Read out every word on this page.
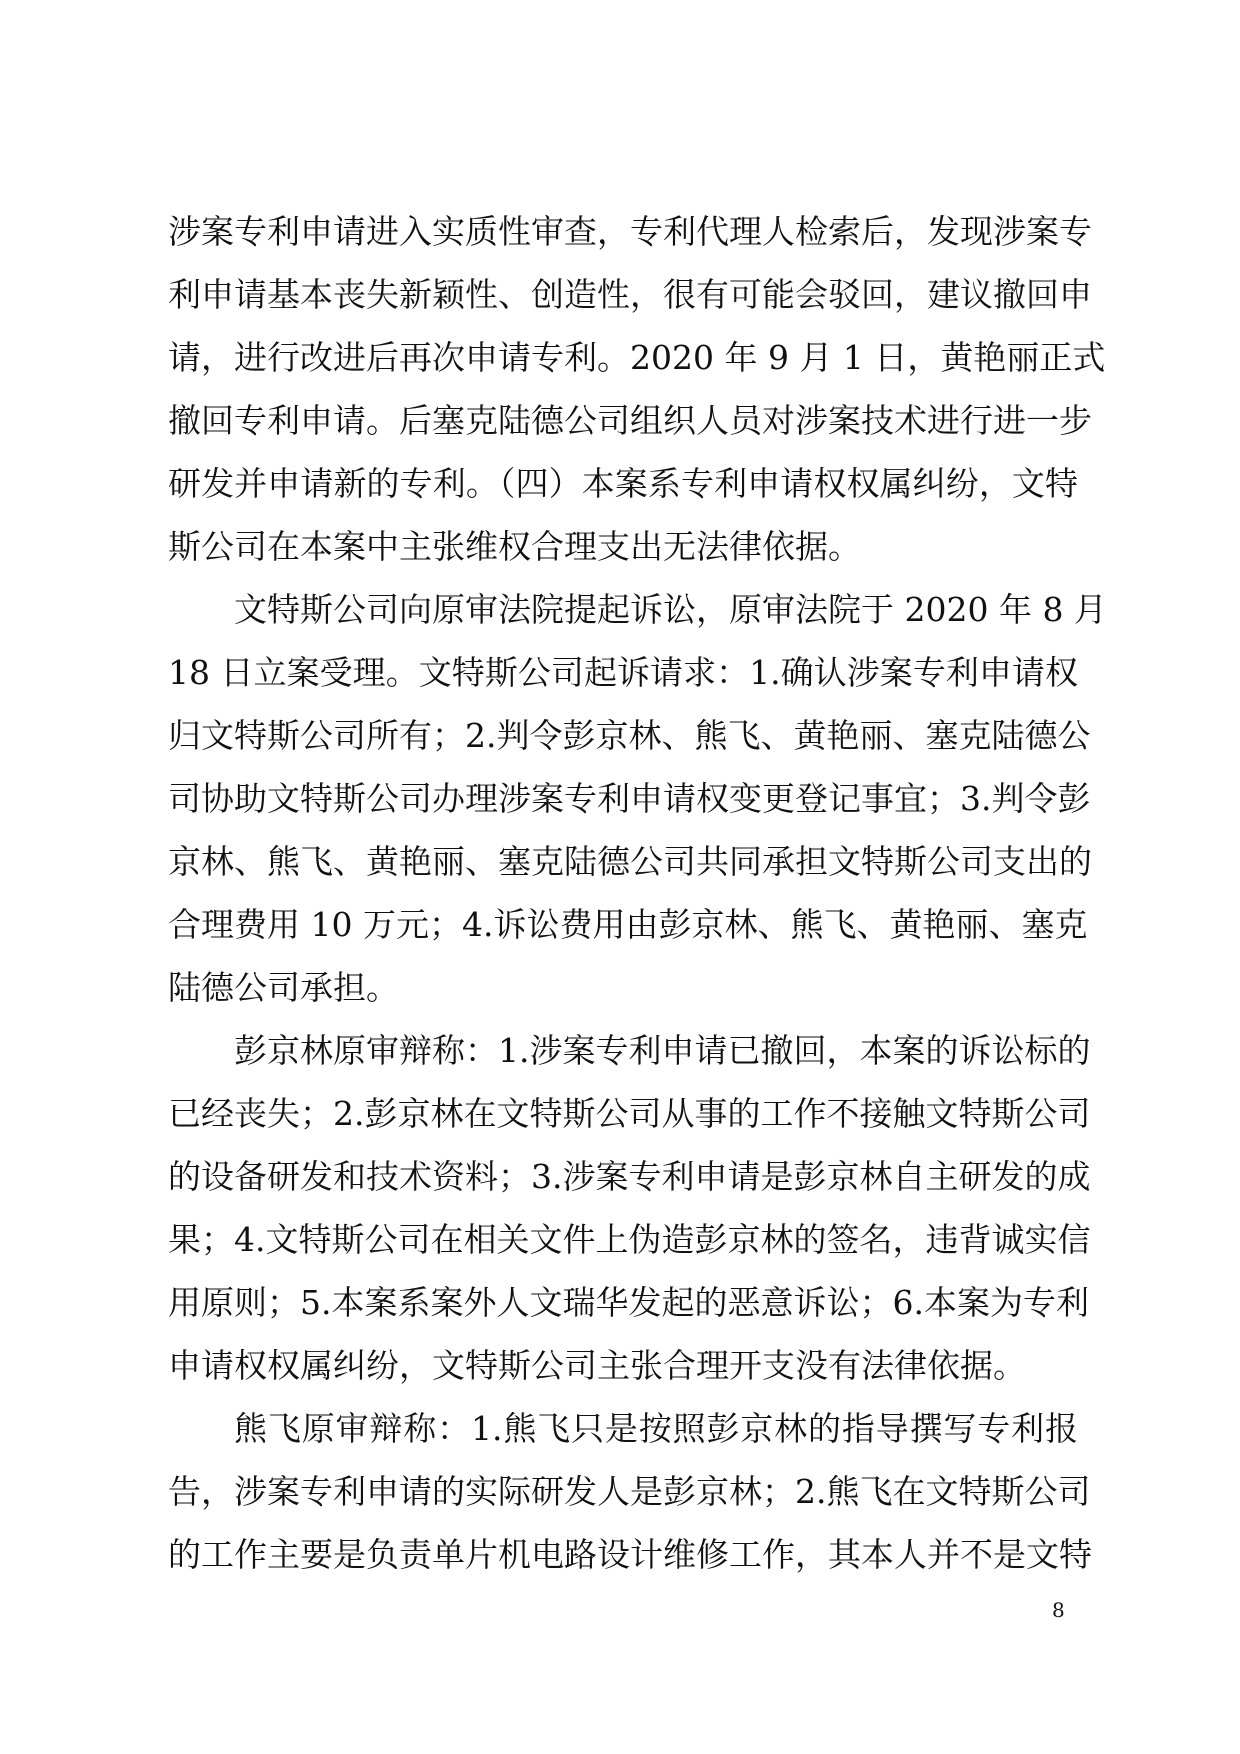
涉案专利申请进入实质性审查，专利代理人检索后，发现涉案专
利申请基本丧失新颖性、创造性，很有可能会驳回，建议撤回申
请，进行改进后再次申请专利。2020 年 9 月 1 日，黄艳丽正式
撤回专利申请。后塞克陆德公司组织人员对涉案技术进行进一步
研发并申请新的专利。（四）本案系专利申请权权属纠纷，文特
斯公司在本案中主张维权合理支出无法律依据。
文特斯公司向原审法院提起诉讼，原审法院于 2020 年 8 月
18 日立案受理。文特斯公司起诉请求：1.确认涉案专利申请权
归文特斯公司所有；2.判令彭京林、熊飞、黄艳丽、塞克陆德公
司协助文特斯公司办理涉案专利申请权变更登记事宜；3.判令彭
京林、熊飞、黄艳丽、塞克陆德公司共同承担文特斯公司支出的
合理费用 10 万元；4.诉讼费用由彭京林、熊飞、黄艳丽、塞克
陆德公司承担。
彭京林原审辩称：1.涉案专利申请已撤回，本案的诉讼标的
已经丧失；2.彭京林在文特斯公司从事的工作不接触文特斯公司
的设备研发和技术资料；3.涉案专利申请是彭京林自主研发的成
果；4.文特斯公司在相关文件上伪造彭京林的签名，违背诚实信
用原则；5.本案系案外人文瑞华发起的恶意诉讼；6.本案为专利
申请权权属纠纷，文特斯公司主张合理开支没有法律依据。
熊飞原审辩称：1.熊飞只是按照彭京林的指导撰写专利报
告，涉案专利申请的实际研发人是彭京林；2.熊飞在文特斯公司
的工作主要是负责单片机电路设计维修工作，其本人并不是文特
8
